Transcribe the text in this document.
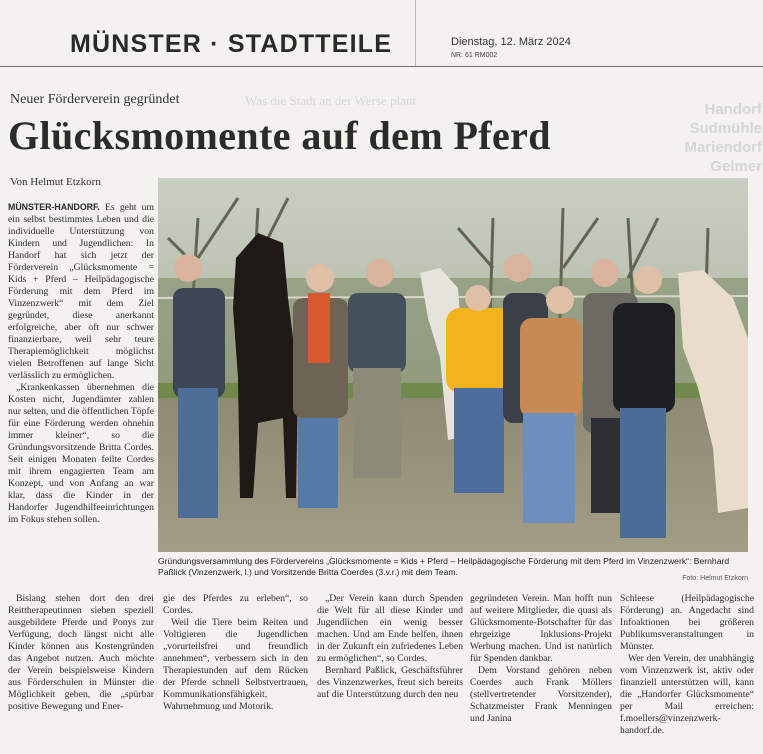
MÜNSTER · STADTTEILE	Dienstag, 12. März 2024
NR. 61 RM002
Was die Stadt an der Werse plant
Handorf
Sudmühle
Mariendorf
Gelmer
Neuer Förderverein gegründet
Glücksmomente auf dem Pferd
Von Helmut Etzkorn

MÜNSTER-HANDORF. Es geht um ein selbst bestimmtes Leben und die individuelle Unterstützung von Kindern und Jugendlichen: In Handorf hat sich jetzt der Förderverein „Glücksmomente = Kids + Pferd – Heilpädagogische Förderung mit dem Pferd im Vinzenzwerk“ mit dem Ziel gegründet, diese anerkannt erfolgreiche, aber oft nur schwer finanzierbare, weil sehr teure Therapiemöglichkeit möglichst vielen Betroffenen auf lange Sicht verlässlich zu ermöglichen.

„Krankenkassen übernehmen die Kosten nicht, Jugendämter zahlen nur selten, und die öffentlichen Töpfe für eine Förderung werden ohnehin immer kleiner“, so die Gründungsvorsitzende Britta Cordes. Seit einigen Monaten feilte Cordes mit ihrem engagierten Team am Konzept, und von Anfang an war klar, dass die Kinder in der Handorfer Jugendhilfeeinrichtungen im Fokus stehen sollen.

Gründungsversammlung des Fördervereins „Glücksmomente = Kids + Pferd – Heilpädagogische Förderung mit dem Pferd im Vinzenzwerk“: Bernhard Paßlick (Vinzenzwerk, l.) und Vorsitzende Britta Coerdes (3.v.r.) mit dem Team.
Foto: Helmut Etzkorn

Bislang stehen dort den drei Reittherapeutinnen sieben speziell ausgebildete Pferde und Ponys zur Verfügung, doch längst nicht alle Kinder können aus Kostengründen das Angebot nutzen. Auch möchte der Verein beispielsweise Kindern aus Förderschulen in Münster die Möglichkeit geben, die „spürbar positive Bewegung und Ener-

gie des Pferdes zu erleben“, so Cordes.

Weil die Tiere beim Reiten und Voltigieren die Jugendlichen „vorurteilsfrei und freundlich annehmen“, verbessern sich in den Therapiestunden auf dem Rücken der Pferde schnell Selbstvertrauen, Kommunikationsfähigkeit, Wahrnehmung und Motorik.

„Der Verein kann durch Spenden die Welt für all diese Kinder und Jugendlichen ein wenig besser machen. Und am Ende helfen, ihnen in der Zukunft ein zufriedenes Leben zu ermöglichen“, so Cordes.

Bernhard Paßlick, Geschäftsführer des Vinzenzwerkes, freut sich bereits auf die Unterstützung durch den neu

gegründeten Verein. Man hofft nun auf weitere Mitglieder, die quasi als Glücksmomente-Botschafter für das ehrgeizige Inklusions-Projekt Werbung machen. Und ist natürlich für Spenden dankbar.

Dem Vorstand gehören neben Coerdes auch Frank Möllers (stellvertretender Vorsitzender), Schatzmeister Frank Menningen und Janina

Schleese (Heilpädagogische Förderung) an. Angedacht sind Infoaktionen bei größeren Publikumsveranstaltungen in Münster.

Wer den Verein, der unabhängig vom Vinzenzwerk ist, aktiv oder finanziell unterstützen will, kann die „Handorfer Glücksmomente“ per Mail erreichen: f.moellers@vinzenzwerk-handorf.de.
